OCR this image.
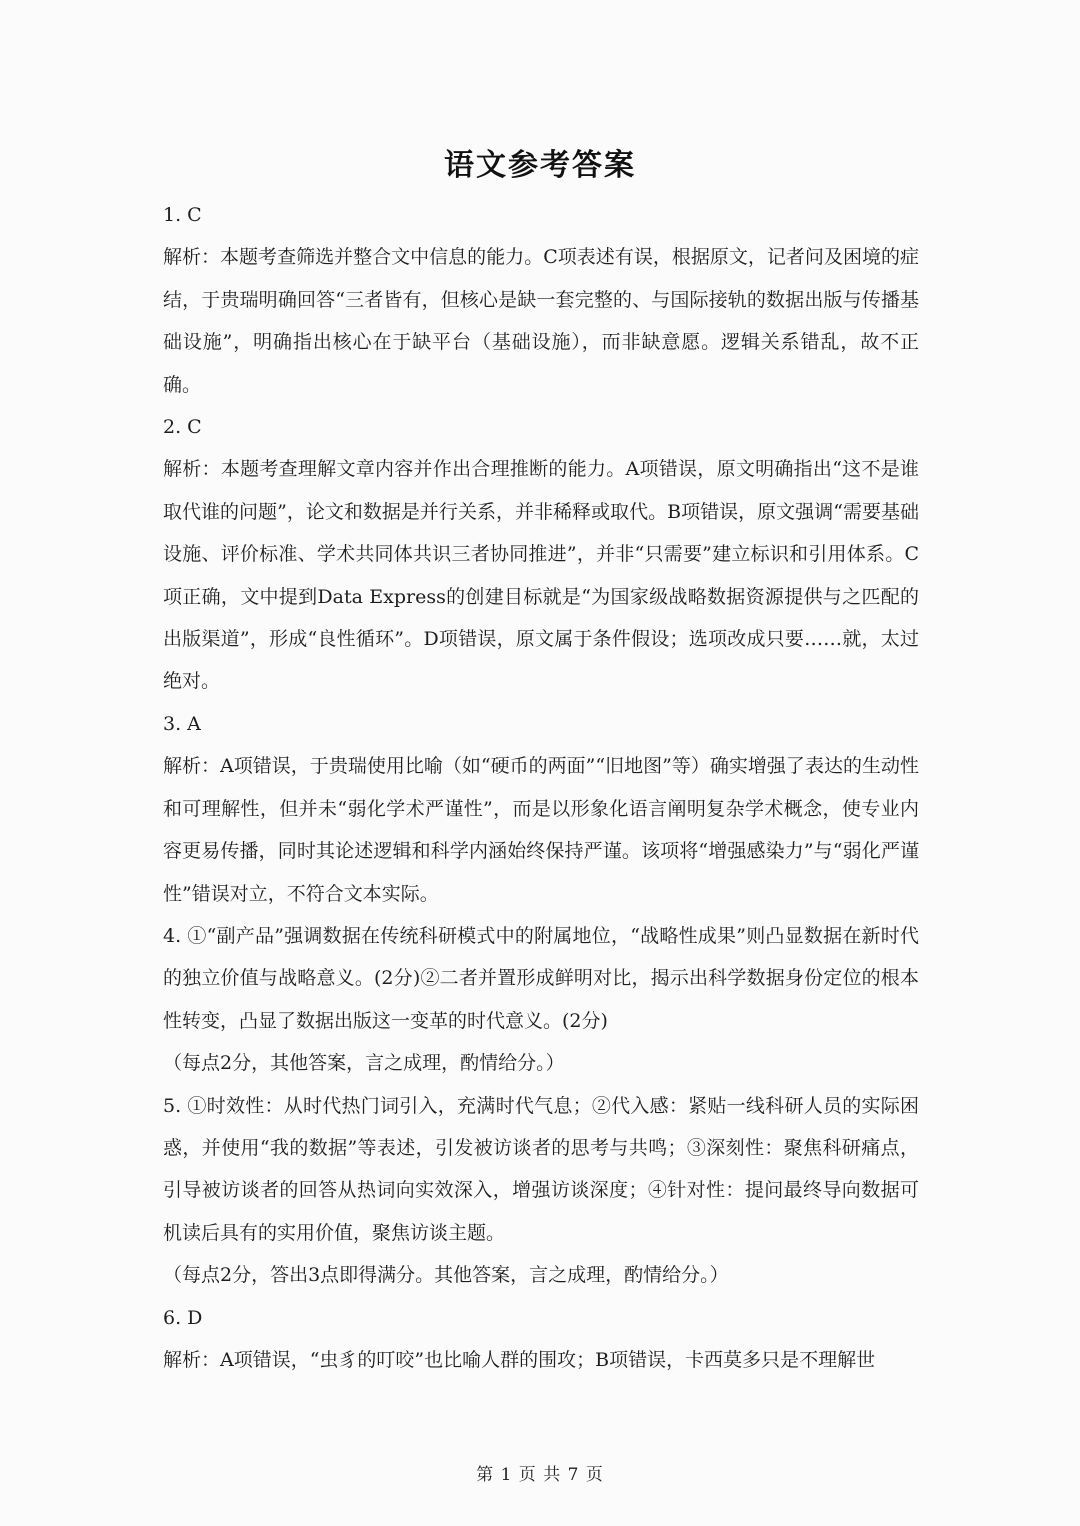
语文参考答案

1. C

解析：本题考查筛选并整合文中信息的能力。C项表述有误，根据原文，记者问及困境的症结，于贵瑞明确回答“三者皆有，但核心是缺一套完整的、与国际接轨的数据出版与传播基础设施”，明确指出核心在于缺平台（基础设施），而非缺意愿。逻辑关系错乱，故不正确。

2. C

解析：本题考查理解文章内容并作出合理推断的能力。A项错误，原文明确指出“这不是谁取代谁的问题”，论文和数据是并行关系，并非稀释或取代。B项错误，原文强调“需要基础设施、评价标准、学术共同体共识三者协同推进”，并非“只需要”建立标识和引用体系。C项正确，文中提到Data Express的创建目标就是“为国家级战略数据资源提供与之匹配的出版渠道”，形成“良性循环”。D项错误，原文属于条件假设；选项改成只要……就，太过绝对。

3. A

解析：A项错误，于贵瑞使用比喻（如“硬币的两面”“旧地图”等）确实增强了表达的生动性和可理解性，但并未“弱化学术严谨性”，而是以形象化语言阐明复杂学术概念，使专业内容更易传播，同时其论述逻辑和科学内涵始终保持严谨。该项将“增强感染力”与“弱化严谨性”错误对立，不符合文本实际。

4. ①“副产品”强调数据在传统科研模式中的附属地位，“战略性成果”则凸显数据在新时代的独立价值与战略意义。(2分)②二者并置形成鲜明对比，揭示出科学数据身份定位的根本性转变，凸显了数据出版这一变革的时代意义。(2分)

（每点2分，其他答案，言之成理，酌情给分。）

5. ①时效性：从时代热门词引入，充满时代气息；②代入感：紧贴一线科研人员的实际困惑，并使用“我的数据”等表述，引发被访谈者的思考与共鸣；③深刻性：聚焦科研痛点，引导被访谈者的回答从热词向实效深入，增强访谈深度；④针对性：提问最终导向数据可机读后具有的实用价值，聚焦访谈主题。

（每点2分，答出3点即得满分。其他答案，言之成理，酌情给分。）

6. D

解析：A项错误，“虫豸的叮咬”也比喻人群的围攻；B项错误，卡西莫多只是不理解世

第 1 页 共 7 页
